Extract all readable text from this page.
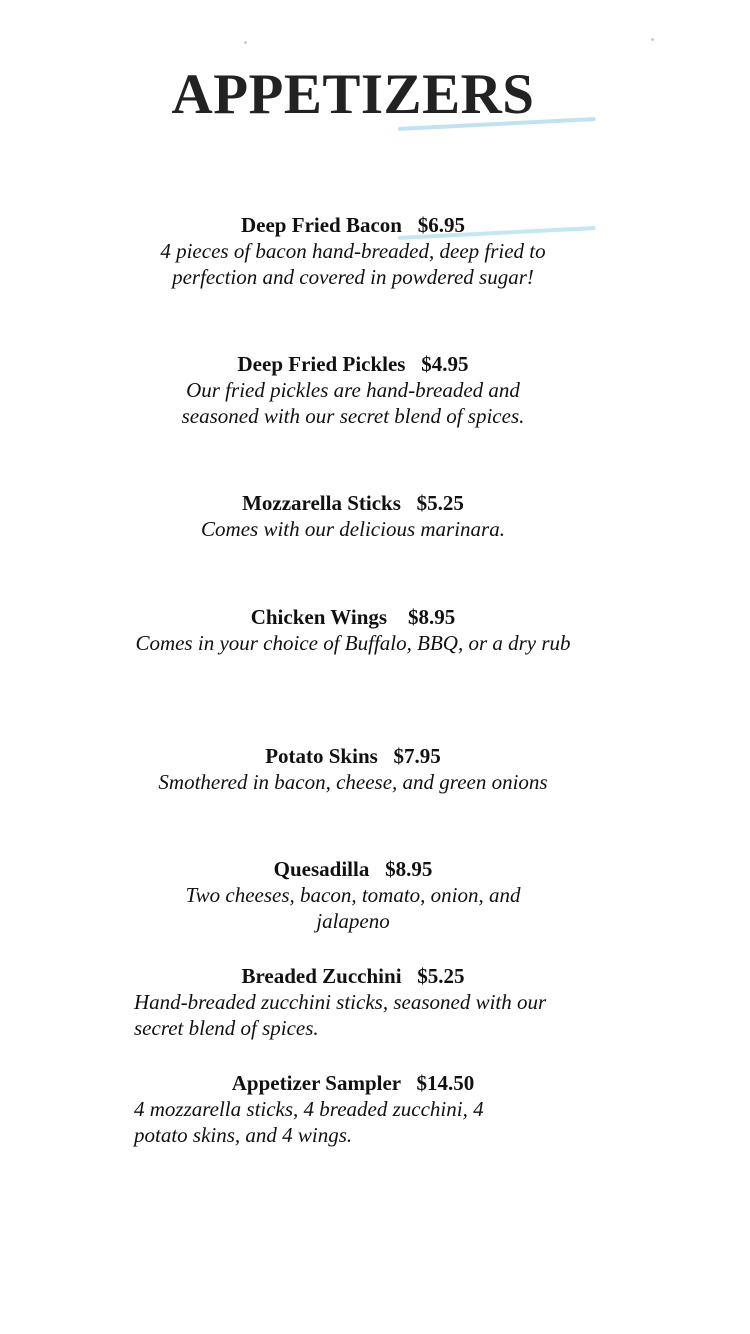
APPETIZERS
Deep Fried Bacon $6.95
4 pieces of bacon hand-breaded, deep fried to perfection and covered in powdered sugar!
Deep Fried Pickles $4.95
Our fried pickles are hand-breaded and seasoned with our secret blend of spices.
Mozzarella Sticks $5.25
Comes with our delicious marinara.
Chicken Wings $8.95
Comes in your choice of Buffalo, BBQ, or a dry rub
Potato Skins $7.95
Smothered in bacon, cheese, and green onions
Quesadilla $8.95
Two cheeses, bacon, tomato, onion, and jalapeno
Breaded Zucchini $5.25
Hand-breaded zucchini sticks, seasoned with our secret blend of spices.
Appetizer Sampler $14.50
4 mozzarella sticks, 4 breaded zucchini, 4 potato skins, and 4 wings.
